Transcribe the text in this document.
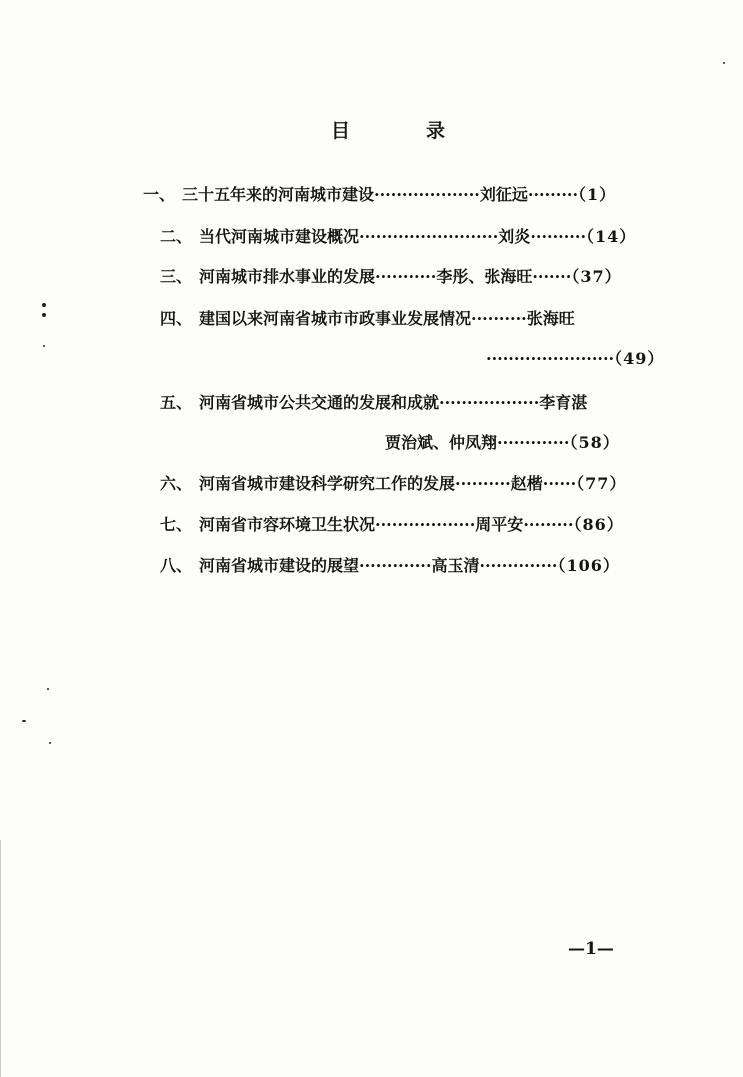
目	录
一、 三十五年来的河南城市建设···················刘征远·········（1）
二、 当代河南城市建设概况·························刘炎··········（14）
三、 河南城市排水事业的发展···········李彤、张海旺·······（37）
四、 建国以来河南省城市市政事业发展情况··········张海旺
·······················（49）
五、 河南省城市公共交通的发展和成就··················李育湛
贾治斌、仲凤翔·············（58）
六、 河南省城市建设科学研究工作的发展··········赵楷······（77）
七、 河南省市容环境卫生状况··················周平安·········（86）
八、 河南省城市建设的展望·············高玉清··············（106）
—1—
